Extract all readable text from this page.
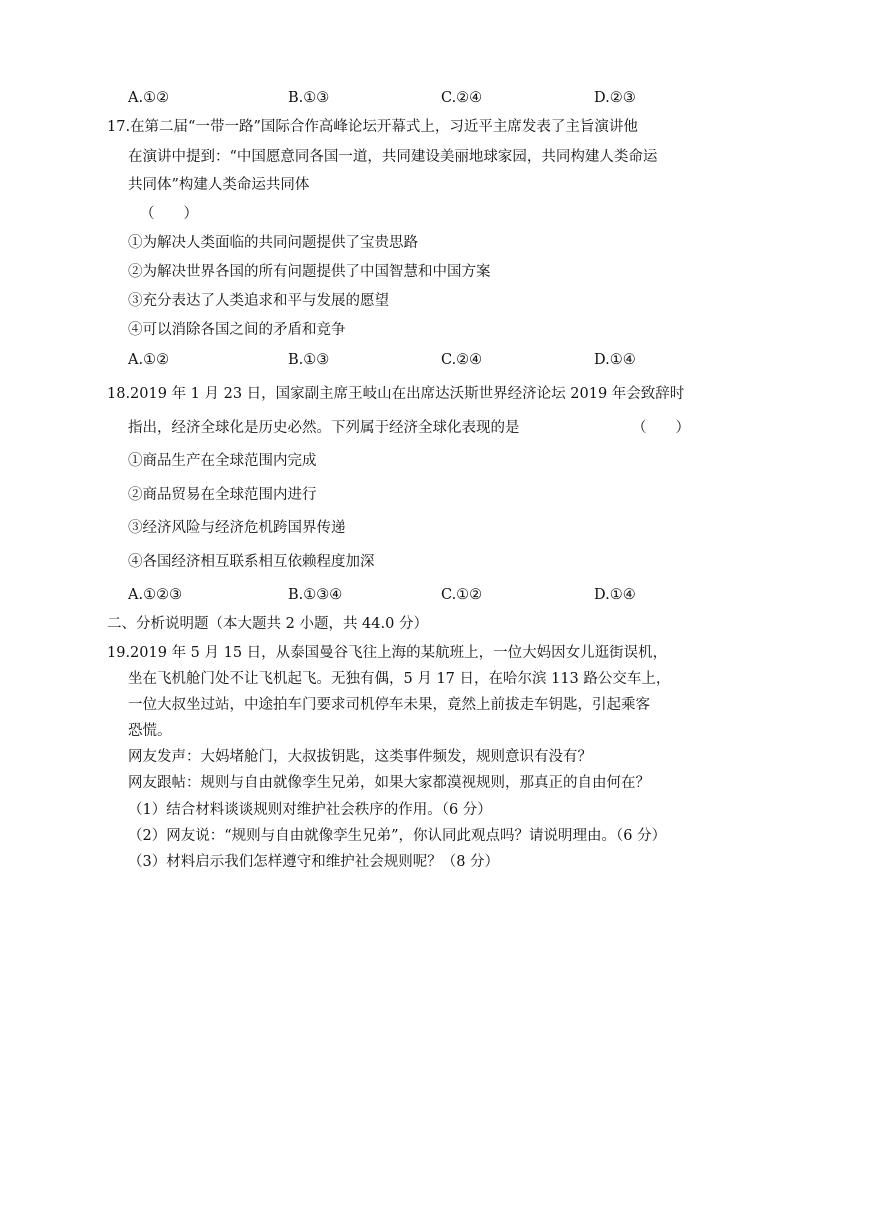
A.①②	B.①③	C.②④	D.②③
17.在第二届“一带一路”国际合作高峰论坛开幕式上，习近平主席发表了主旨演讲他
在演讲中提到：“中国愿意同各国一道，共同建设美丽地球家园，共同构建人类命运
共同体”构建人类命运共同体
（　　）
①为解决人类面临的共同问题提供了宝贵思路
②为解决世界各国的所有问题提供了中国智慧和中国方案
③充分表达了人类追求和平与发展的愿望
④可以消除各国之间的矛盾和竞争
A.①②	B.①③	C.②④	D.①④
18.2019 年 1 月 23 日，国家副主席王岐山在出席达沃斯世界经济论坛 2019 年会致辞时
指出，经济全球化是历史必然。下列属于经济全球化表现的是	（　　）
①商品生产在全球范围内完成
②商品贸易在全球范围内进行
③经济风险与经济危机跨国界传递
④各国经济相互联系相互依赖程度加深
A.①②③	B.①③④	C.①②	D.①④
二、分析说明题（本大题共 2 小题，共 44.0 分）
19.2019 年 5 月 15 日，从泰国曼谷飞往上海的某航班上，一位大妈因女儿逛街误机，
坐在飞机舱门处不让飞机起飞。无独有偶，5 月 17 日，在哈尔滨 113 路公交车上，
一位大叔坐过站，中途拍车门要求司机停车未果，竟然上前拔走车钥匙，引起乘客
恐慌。
网友发声：大妈堵舱门，大叔拔钥匙，这类事件频发，规则意识有没有？
网友跟帖：规则与自由就像孪生兄弟，如果大家都漠视规则，那真正的自由何在？
（1）结合材料谈谈规则对维护社会秩序的作用。（6 分）
（2）网友说：“规则与自由就像孪生兄弟”，你认同此观点吗？请说明理由。（6 分）
（3）材料启示我们怎样遵守和维护社会规则呢？（8 分）
